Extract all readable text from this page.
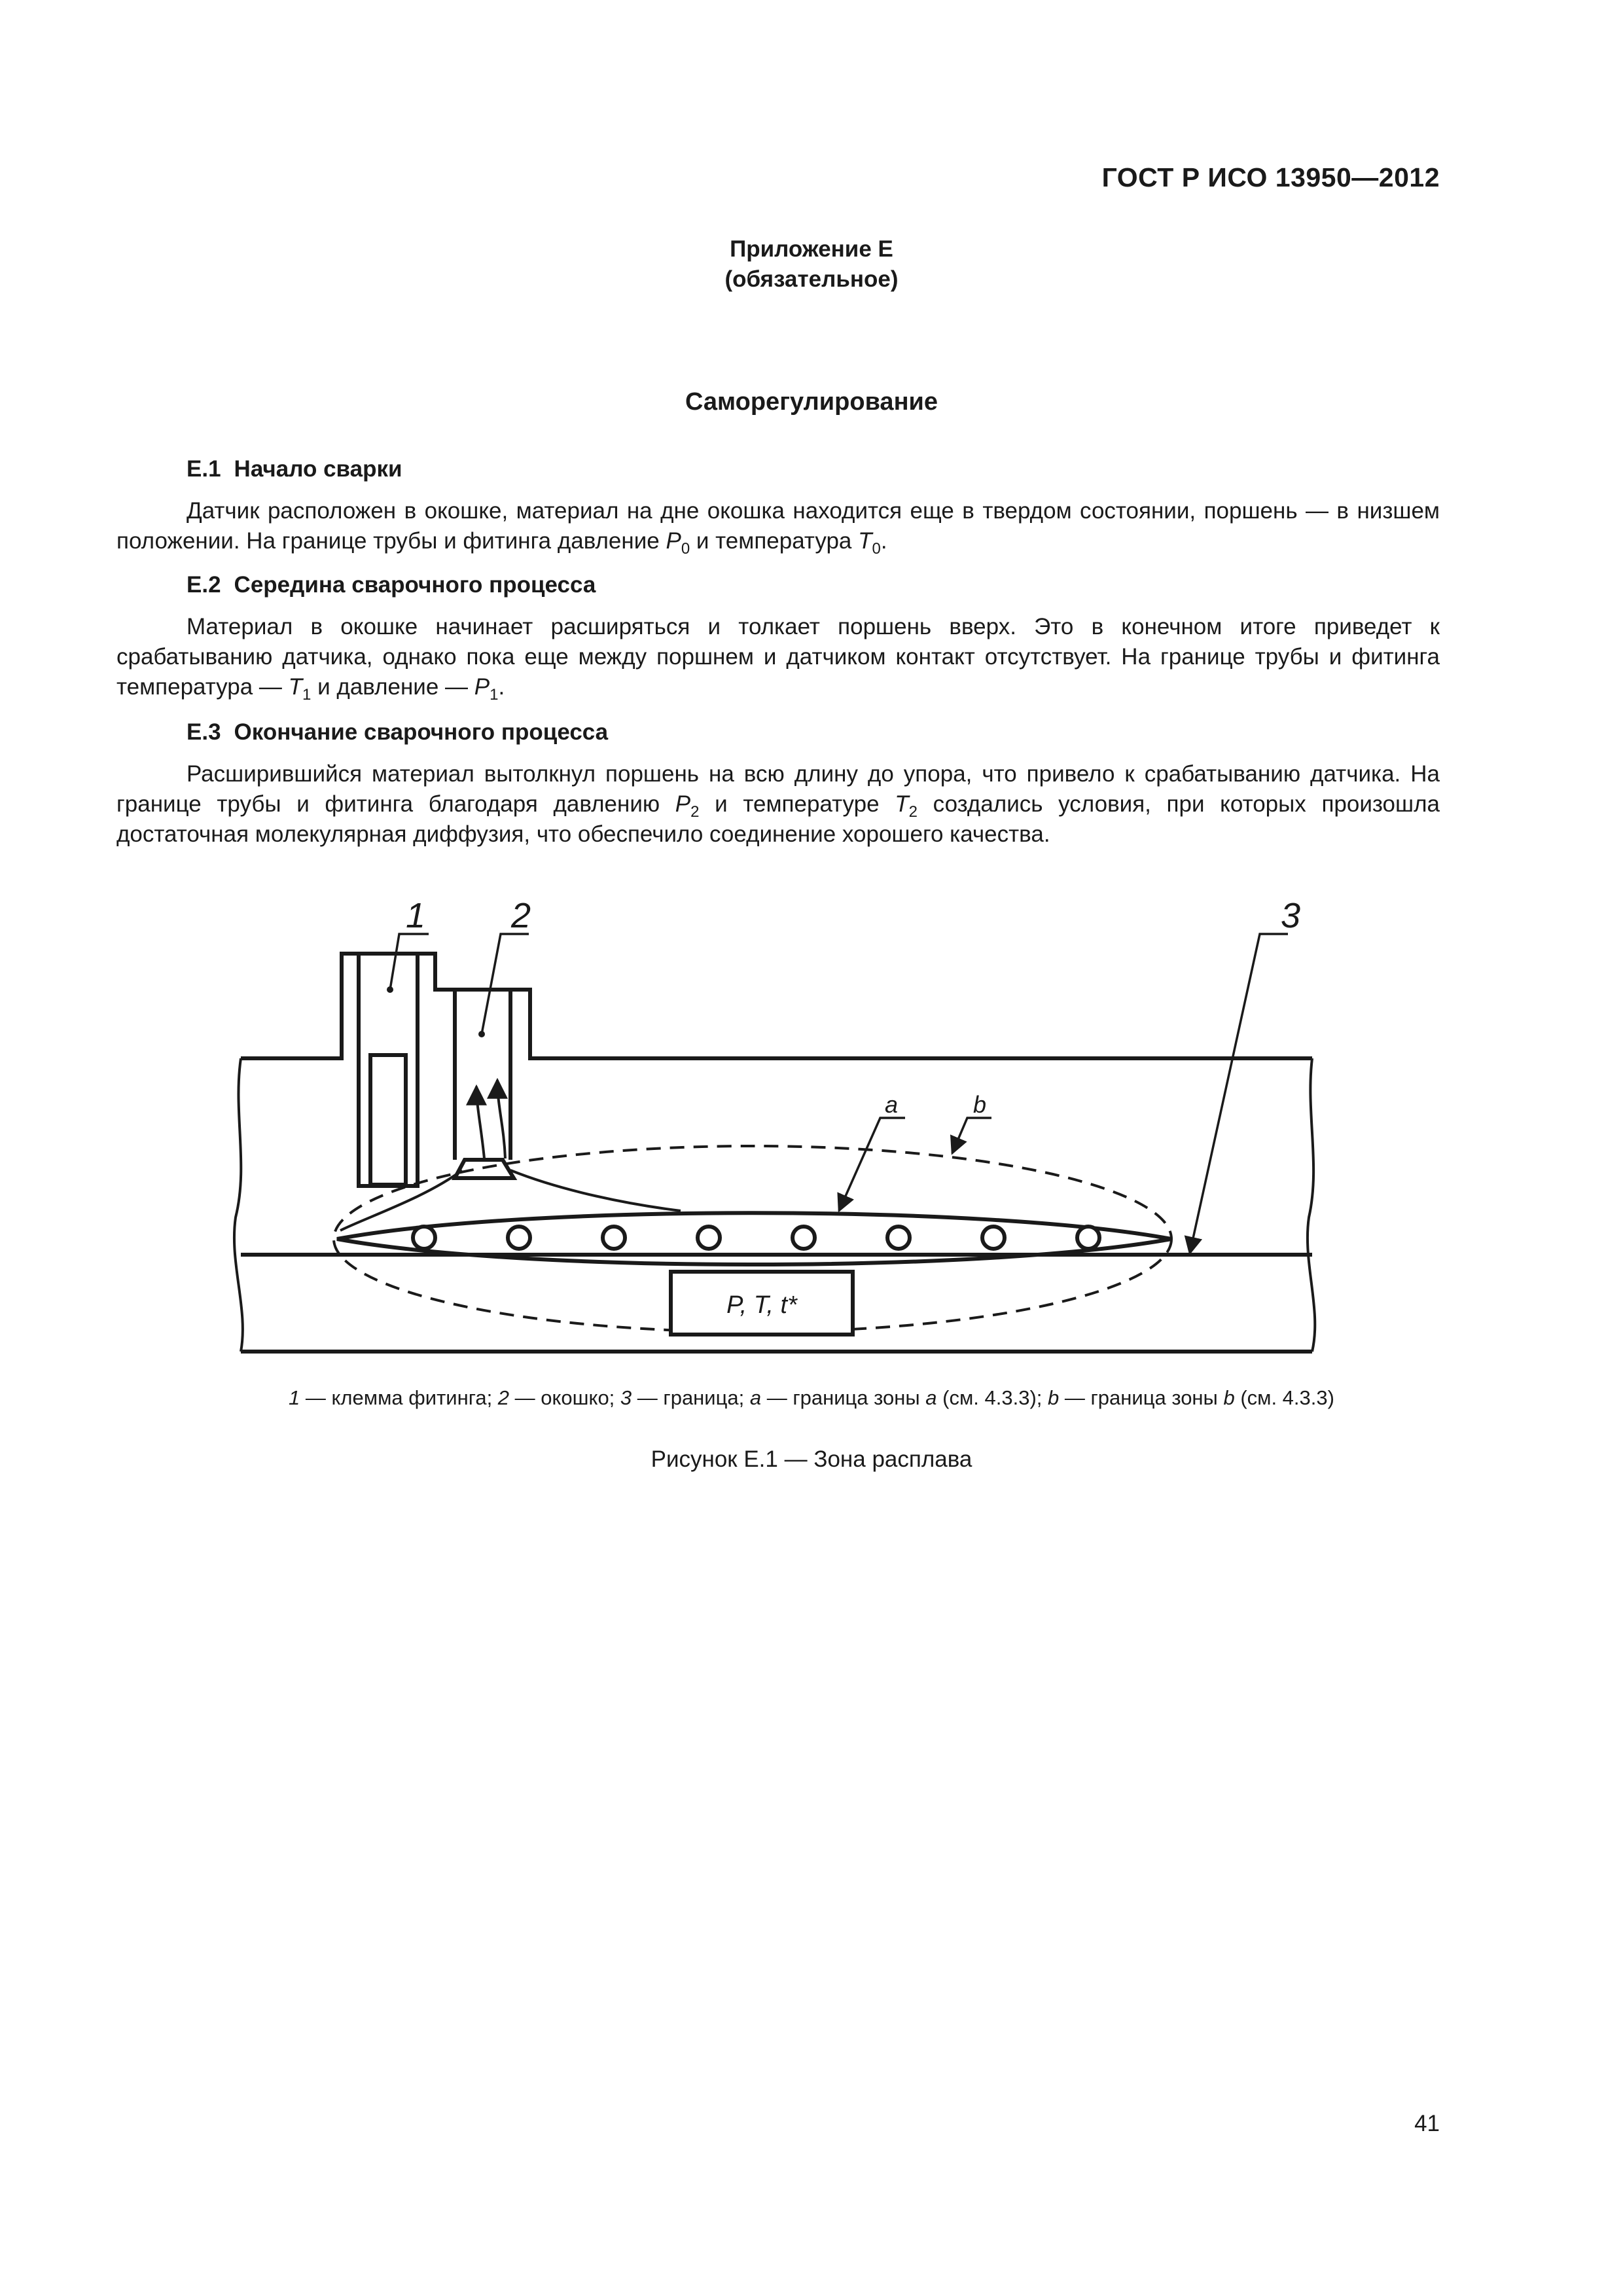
ГОСТ Р ИСО 13950—2012
Приложение Е
(обязательное)
Саморегулирование
Е.1 Начало сварки
Датчик расположен в окошке, материал на дне окошка находится еще в твердом состоянии, поршень — в низшем положении. На границе трубы и фитинга давление $P_0$ и температура $T_0$.
Е.2 Середина сварочного процесса
Материал в окошке начинает расширяться и толкает поршень вверх. Это в конечном итоге приведет к срабатыванию датчика, однако пока еще между поршнем и датчиком контакт отсутствует. На границе трубы и фитинга температура — $T_1$ и давление — $P_1$.
Е.3 Окончание сварочного процесса
Расширившийся материал вытолкнул поршень на всю длину до упора, что привело к срабатыванию датчика. На границе трубы и фитинга благодаря давлению $P_2$ и температуре $T_2$ создались условия, при которых произошла достаточная молекулярная диффузия, что обеспечило соединение хорошего качества.
P, T, t*
1 2	3
a	b
1 — клемма фитинга; 2 — окошко; 3 — граница; а — граница зоны а (см. 4.3.3); b — граница зоны b (см. 4.3.3)
Рисунок Е.1 — Зона расплава
41
